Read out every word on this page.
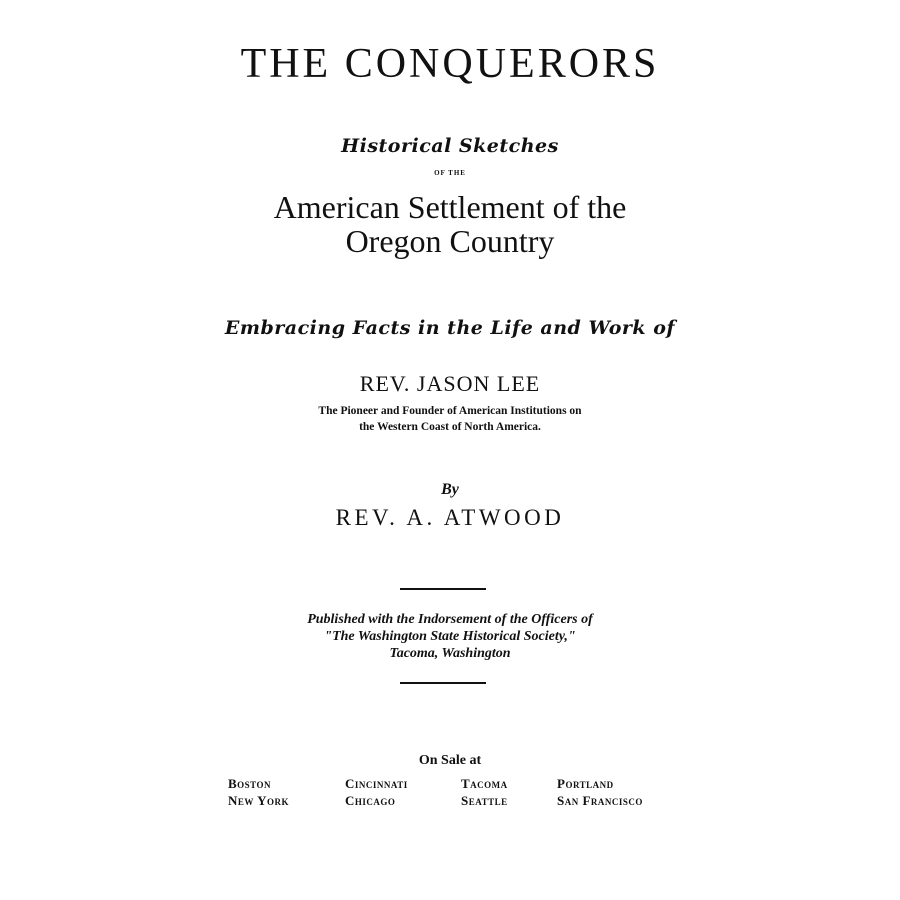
THE CONQUERORS
Historical Sketches
OF THE
American Settlement of the
Oregon Country
Embracing Facts in the Life and Work of
REV. JASON LEE
The Pioneer and Founder of American Institutions on
the Western Coast of North America.
By
REV. A. ATWOOD
Published with the Indorsement of the Officers of
"The Washington State Historical Society,"
Tacoma, Washington
On Sale at
Boston	Cincinnati	Tacoma	Portland
New York	Chicago	Seattle	San Francisco
